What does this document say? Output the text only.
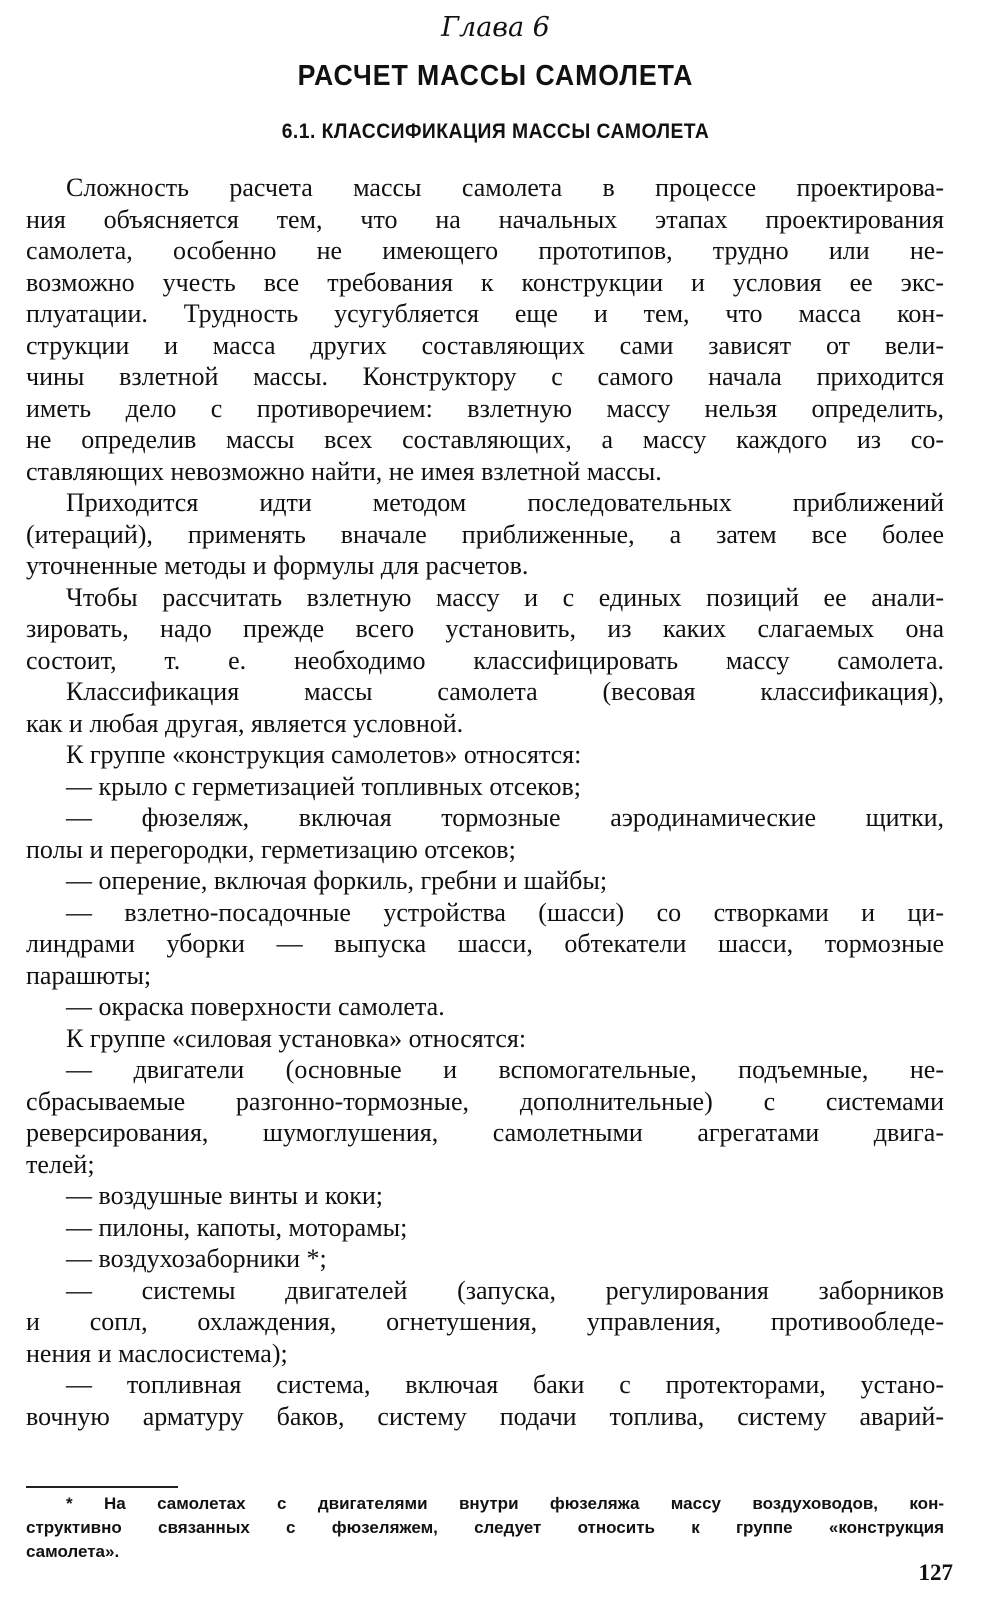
Глава 6
РАСЧЕТ МАССЫ САМОЛЕТА
6.1. КЛАССИФИКАЦИЯ МАССЫ САМОЛЕТА
Сложность расчета массы самолета в процессе проектирова-
ния объясняется тем, что на начальных этапах проектирования
самолета, особенно не имеющего прототипов, трудно или не-
возможно учесть все требования к конструкции и условия ее экс-
плуатации. Трудность усугубляется еще и тем, что масса кон-
струкции и масса других составляющих сами зависят от вели-
чины взлетной массы. Конструктору с самого начала приходится
иметь дело с противоречием: взлетную массу нельзя определить,
не определив массы всех составляющих, а массу каждого из со-
ставляющих невозможно найти, не имея взлетной массы.
Приходится идти методом последовательных приближений
(итераций), применять вначале приближенные, а затем все более
уточненные методы и формулы для расчетов.
Чтобы рассчитать взлетную массу и с единых позиций ее анали-
зировать, надо прежде всего установить, из каких слагаемых она
состоит, т. е. необходимо классифицировать массу самолета.
Классификация массы самолета (весовая классификация),
как и любая другая, является условной.
К группе «конструкция самолетов» относятся:
— крыло с герметизацией топливных отсеков;
— фюзеляж, включая тормозные аэродинамические щитки,
полы и перегородки, герметизацию отсеков;
— оперение, включая форкиль, гребни и шайбы;
— взлетно-посадочные устройства (шасси) со створками и ци-
линдрами уборки — выпуска шасси, обтекатели шасси, тормозные
парашюты;
— окраска поверхности самолета.
К группе «силовая установка» относятся:
— двигатели (основные и вспомогательные, подъемные, не-
сбрасываемые разгонно-тормозные, дополнительные) с системами
реверсирования, шумоглушения, самолетными агрегатами двига-
телей;
— воздушные винты и коки;
— пилоны, капоты, моторамы;
— воздухозаборники *;
— системы двигателей (запуска, регулирования заборников
и сопл, охлаждения, огнетушения, управления, противообледе-
нения и маслосистема);
— топливная система, включая баки с протекторами, устано-
вочную арматуру баков, систему подачи топлива, систему аварий-
* На самолетах с двигателями внутри фюзеляжа массу воздуховодов, кон-
структивно связанных с фюзеляжем, следует относить к группе «конструкция
самолета».
127
